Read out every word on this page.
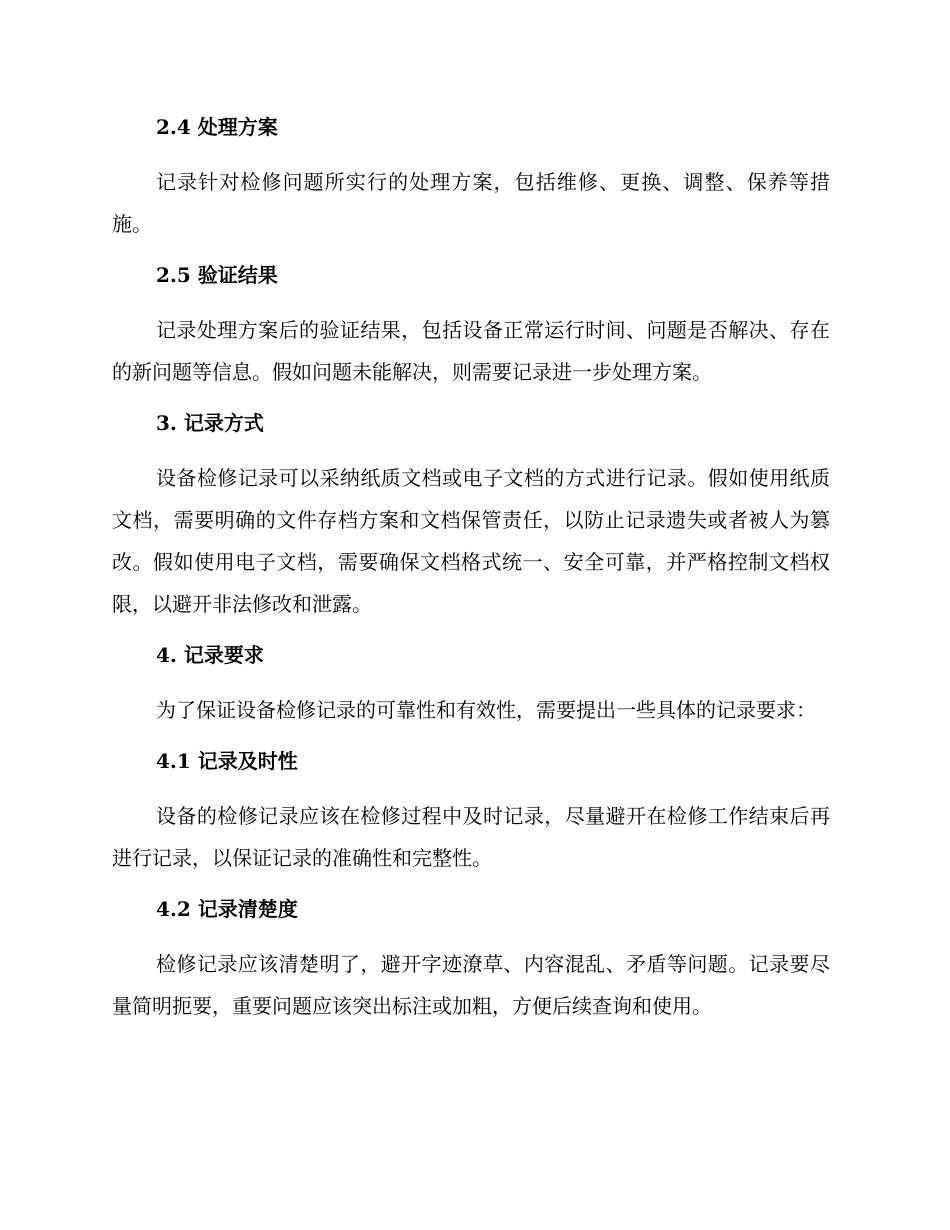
2.4 处理方案

记录针对检修问题所实行的处理方案，包括维修、更换、调整、保养等措施。

2.5 验证结果

记录处理方案后的验证结果，包括设备正常运行时间、问题是否解决、存在的新问题等信息。假如问题未能解决，则需要记录进一步处理方案。

3. 记录方式

设备检修记录可以采纳纸质文档或电子文档的方式进行记录。假如使用纸质文档，需要明确的文件存档方案和文档保管责任，以防止记录遗失或者被人为篡改。假如使用电子文档，需要确保文档格式统一、安全可靠，并严格控制文档权限，以避开非法修改和泄露。

4. 记录要求

为了保证设备检修记录的可靠性和有效性，需要提出一些具体的记录要求：

4.1 记录及时性

设备的检修记录应该在检修过程中及时记录，尽量避开在检修工作结束后再进行记录，以保证记录的准确性和完整性。

4.2 记录清楚度

检修记录应该清楚明了，避开字迹潦草、内容混乱、矛盾等问题。记录要尽量简明扼要，重要问题应该突出标注或加粗，方便后续查询和使用。
